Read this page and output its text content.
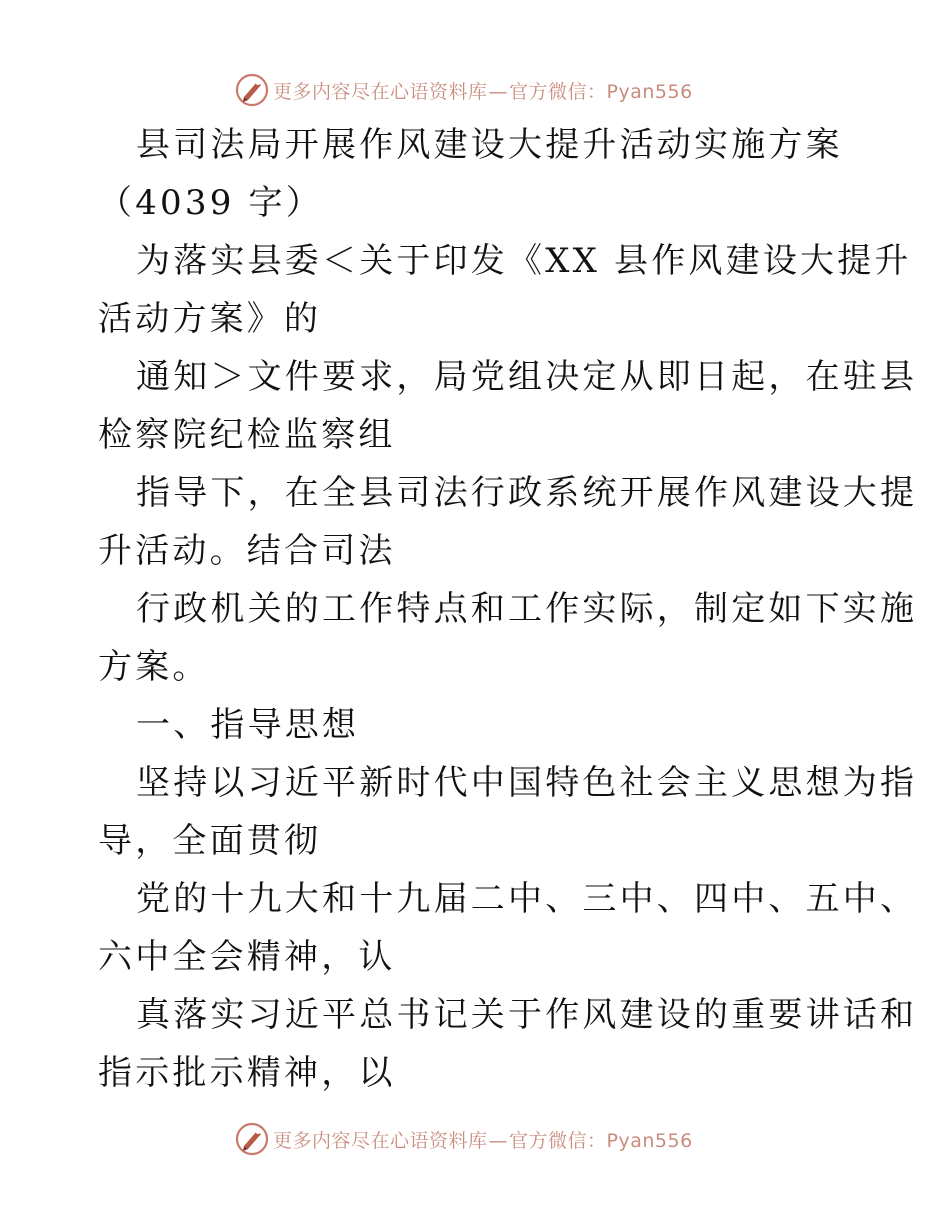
更多内容尽在心语资料库—官方微信：Pyan556
县司法局开展作风建设大提升活动实施方案
（4039 字）
为落实县委＜关于印发《XX 县作风建设大提升
活动方案》的
通知＞文件要求，局党组决定从即日起，在驻县
检察院纪检监察组
指导下，在全县司法行政系统开展作风建设大提
升活动。结合司法
行政机关的工作特点和工作实际，制定如下实施
方案。
一、指导思想
坚持以习近平新时代中国特色社会主义思想为指
导，全面贯彻
党的十九大和十九届二中、三中、四中、五中、
六中全会精神，认
真落实习近平总书记关于作风建设的重要讲话和
指示批示精神，以
更多内容尽在心语资料库—官方微信：Pyan556
